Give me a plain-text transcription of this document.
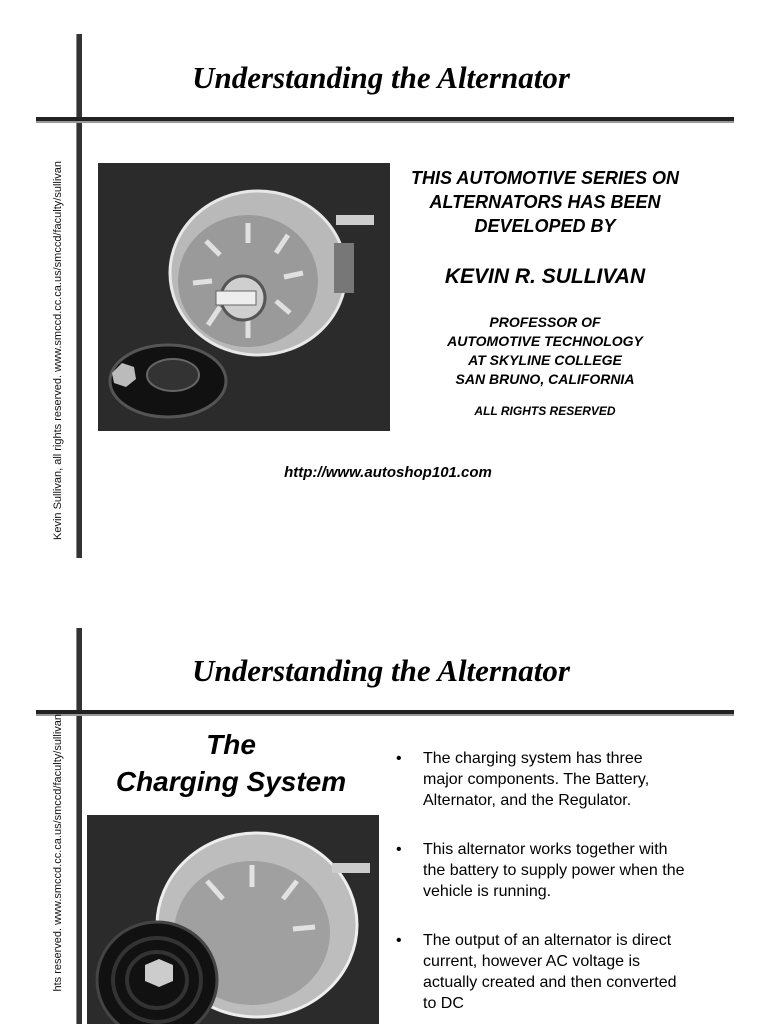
Understanding the Alternator
Kevin Sullivan, all rights reserved. www.smccd.cc.ca.us/smccd/faculty/sullivan	THIS AUTOMOTIVE SERIES ON ALTERNATORS HAS BEEN DEVELOPED BY
KEVIN R. SULLIVAN
PROFESSOR OF
AUTOMOTIVE TECHNOLOGY
AT SKYLINE COLLEGE
SAN BRUNO, CALIFORNIA
ALL RIGHTS RESERVED
http://www.autoshop101.com
Understanding the Alternator
hts reserved. www.smccd.cc.ca.us/smccd/faculty/sullivan	The
Charging System
• The charging system has three major components. The Battery, Alternator, and the Regulator.
• This alternator works together with the battery to supply power when the vehicle is running.
• The output of an alternator is direct current, however AC voltage is actually created and then converted to DC
